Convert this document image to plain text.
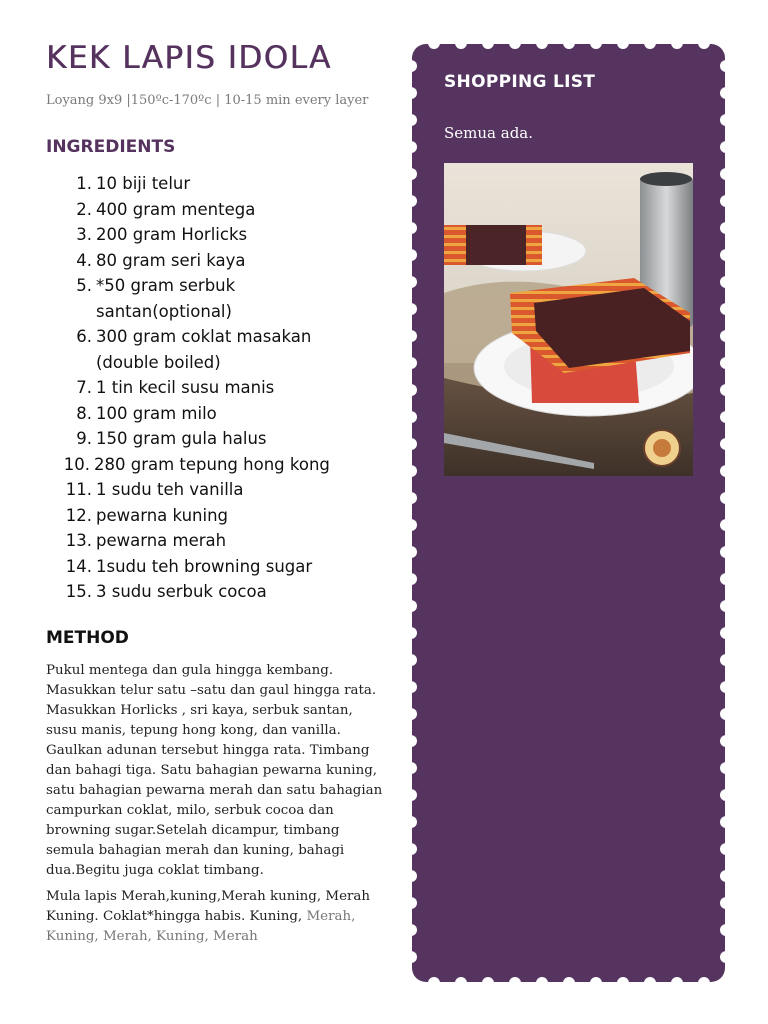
KEK LAPIS IDOLA
Loyang 9x9 |150ºc-170ºc | 10-15 min every layer
INGREDIENTS
1. 10 biji telur
2. 400 gram mentega
3. 200 gram Horlicks
4. 80 gram seri kaya
5. *50 gram serbuk santan(optional)
6. 300 gram coklat masakan (double boiled)
7. 1 tin kecil susu manis
8. 100 gram milo
9. 150 gram gula halus
10. 280 gram tepung hong kong
11. 1 sudu teh vanilla
12. pewarna kuning
13. pewarna merah
14. 1sudu teh browning sugar
15. 3 sudu serbuk cocoa
METHOD

Pukul mentega dan gula hingga kembang. Masukkan telur satu –satu dan gaul hingga rata. Masukkan Horlicks , sri kaya, serbuk santan, susu manis, tepung hong kong, dan vanilla. Gaulkan adunan tersebut hingga rata. Timbang dan bahagi tiga. Satu bahagian pewarna kuning, satu bahagian pewarna merah dan satu bahagian campurkan coklat, milo, serbuk cocoa dan browning sugar.Setelah dicampur, timbang semula bahagian merah dan kuning, bahagi dua.Begitu juga coklat timbang.

Mula lapis Merah,kuning,Merah kuning, Merah Kuning. Coklat*hingga habis. Kuning, Merah, Kuning, Merah, Kuning, Merah

SHOPPING LIST
Semua ada.
